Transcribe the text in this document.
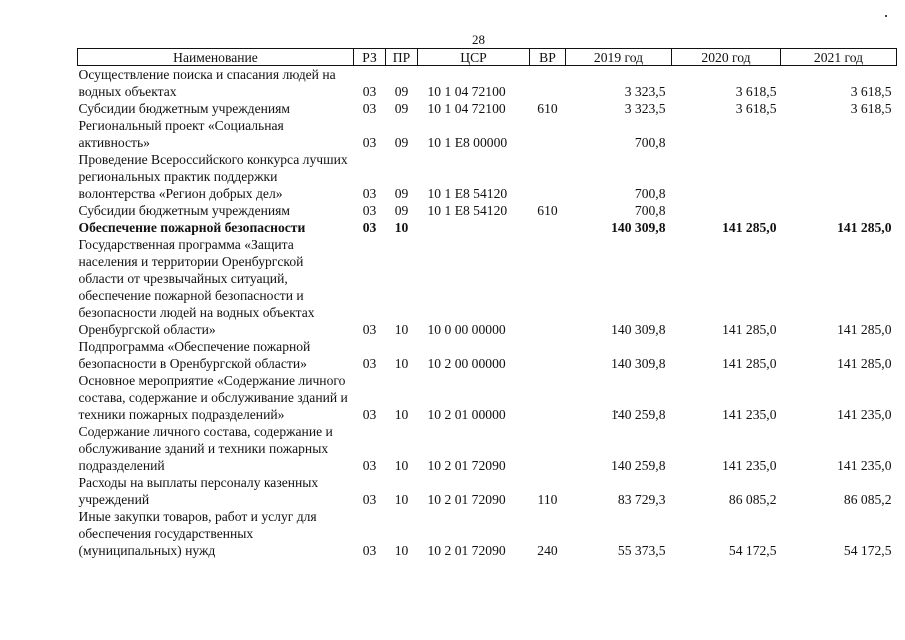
28
Наименование	РЗ	ПР	ЦСР	ВР	2019 год	2020 год	2021 год
Осуществление поиска и спасания людей на водных объектах	03	09	10 1 04 72100		3 323,5	3 618,5	3 618,5
Субсидии бюджетным учреждениям	03	09	10 1 04 72100	610	3 323,5	3 618,5	3 618,5
Региональный проект «Социальная активность»	03	09	10 1 E8 00000		700,8		
Проведение Всероссийского конкурса лучших региональных практик поддержки волонтерства «Регион добрых дел»	03	09	10 1 E8 54120		700,8		
Субсидии бюджетным учреждениям	03	09	10 1 E8 54120	610	700,8		
Обеспечение пожарной безопасности	03	10			140 309,8	141 285,0	141 285,0
Государственная программа «Защита населения и территории Оренбургской области от чрезвычайных ситуаций, обеспечение пожарной безопасности и безопасности людей на водных объектах Оренбургской области»	03	10	10 0 00 00000		140 309,8	141 285,0	141 285,0
Подпрограмма «Обеспечение пожарной безопасности в Оренбургской области»	03	10	10 2 00 00000		140 309,8	141 285,0	141 285,0
Основное мероприятие «Содержание личного состава, содержание и обслуживание зданий и техники пожарных подразделений»	03	10	10 2 01 00000		140 259,8	141 235,0	141 235,0
Содержание личного состава, содержание и обслуживание зданий и техники пожарных подразделений	03	10	10 2 01 72090		140 259,8	141 235,0	141 235,0
Расходы на выплаты персоналу казенных учреждений	03	10	10 2 01 72090	110	83 729,3	86 085,2	86 085,2
Иные закупки товаров, работ и услуг для обеспечения государственных (муниципальных) нужд	03	10	10 2 01 72090	240	55 373,5	54 172,5	54 172,5
